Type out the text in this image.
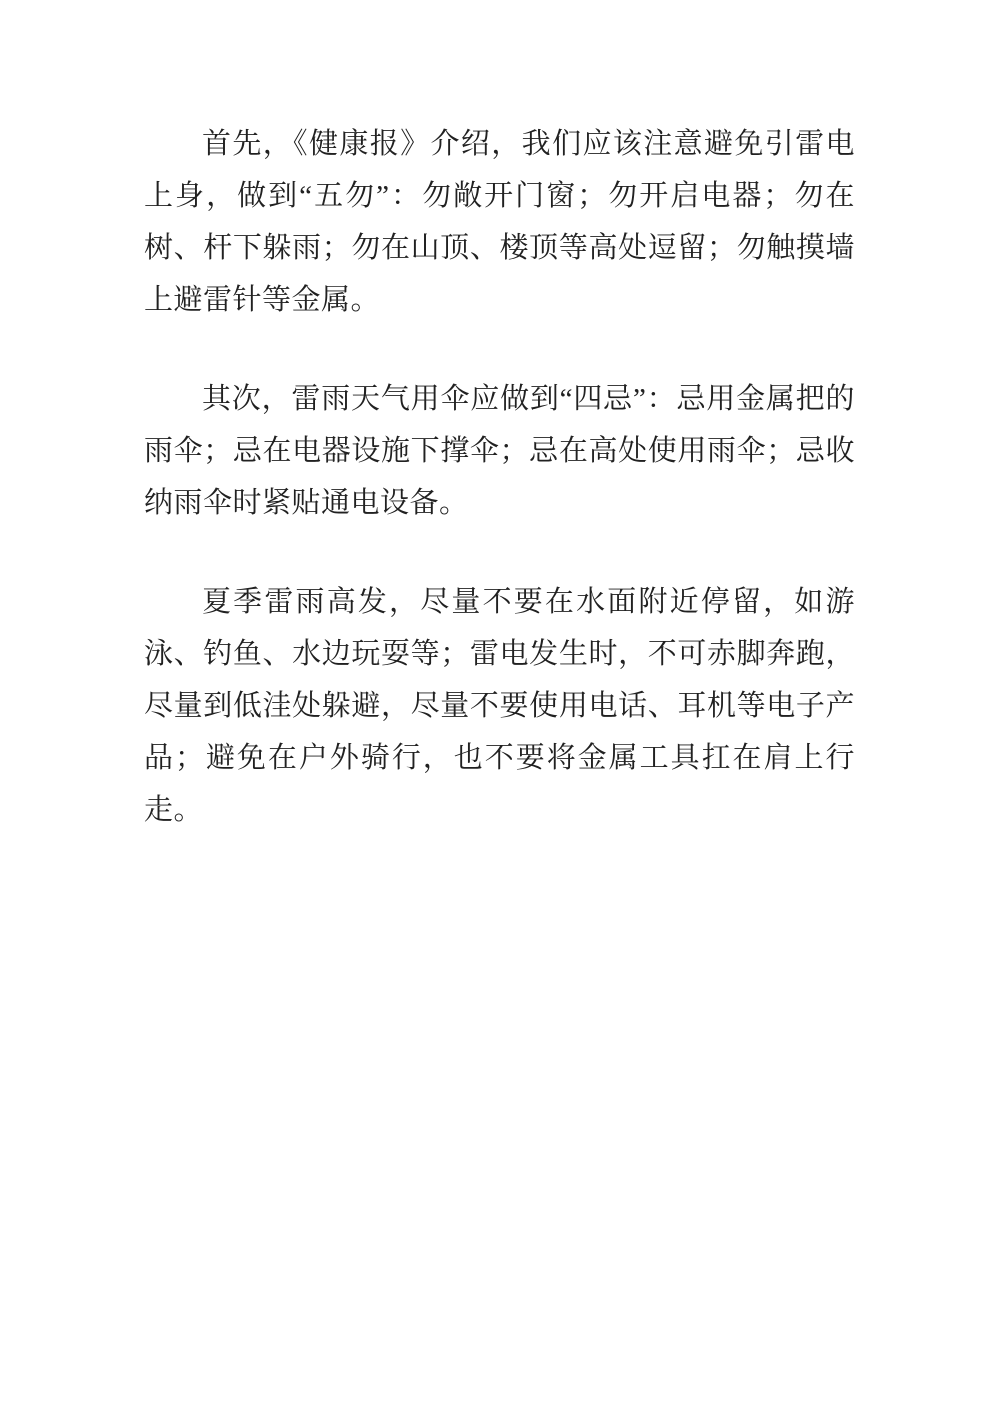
首先，《健康报》介绍，我们应该注意避免引雷电上身，做到“五勿”：勿敞开门窗；勿开启电器；勿在树、杆下躲雨；勿在山顶、楼顶等高处逗留；勿触摸墙上避雷针等金属。

其次，雷雨天气用伞应做到“四忌”：忌用金属把的雨伞；忌在电器设施下撑伞；忌在高处使用雨伞；忌收纳雨伞时紧贴通电设备。

夏季雷雨高发，尽量不要在水面附近停留，如游泳、钓鱼、水边玩耍等；雷电发生时，不可赤脚奔跑，尽量到低洼处躲避，尽量不要使用电话、耳机等电子产品；避免在户外骑行，也不要将金属工具扛在肩上行走。
